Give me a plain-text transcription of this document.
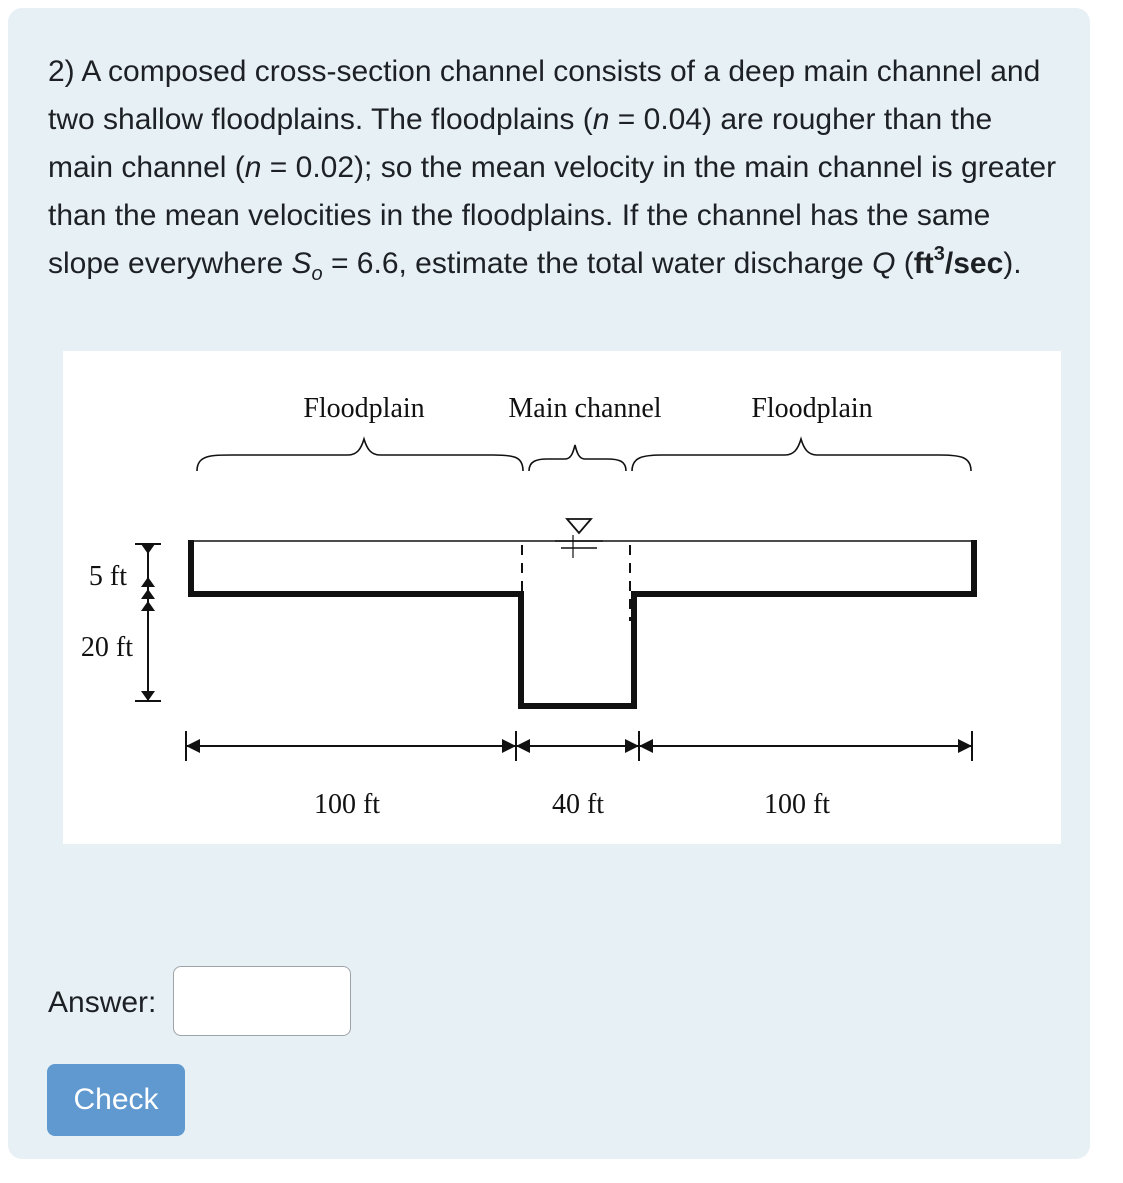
2) A composed cross-section channel consists of a deep main channel and two shallow floodplains. The floodplains (n = 0.04) are rougher than the main channel (n = 0.02); so the mean velocity in the main channel is greater than the mean velocities in the floodplains. If the channel has the same slope everywhere $S_o = 6.6$, estimate the total water discharge Q $(ft^3/\sec)$.

Floodplain	Main channel	Floodplain
5 ft
20 ft
100 ft	40 ft	100 ft
Answer:
Check
